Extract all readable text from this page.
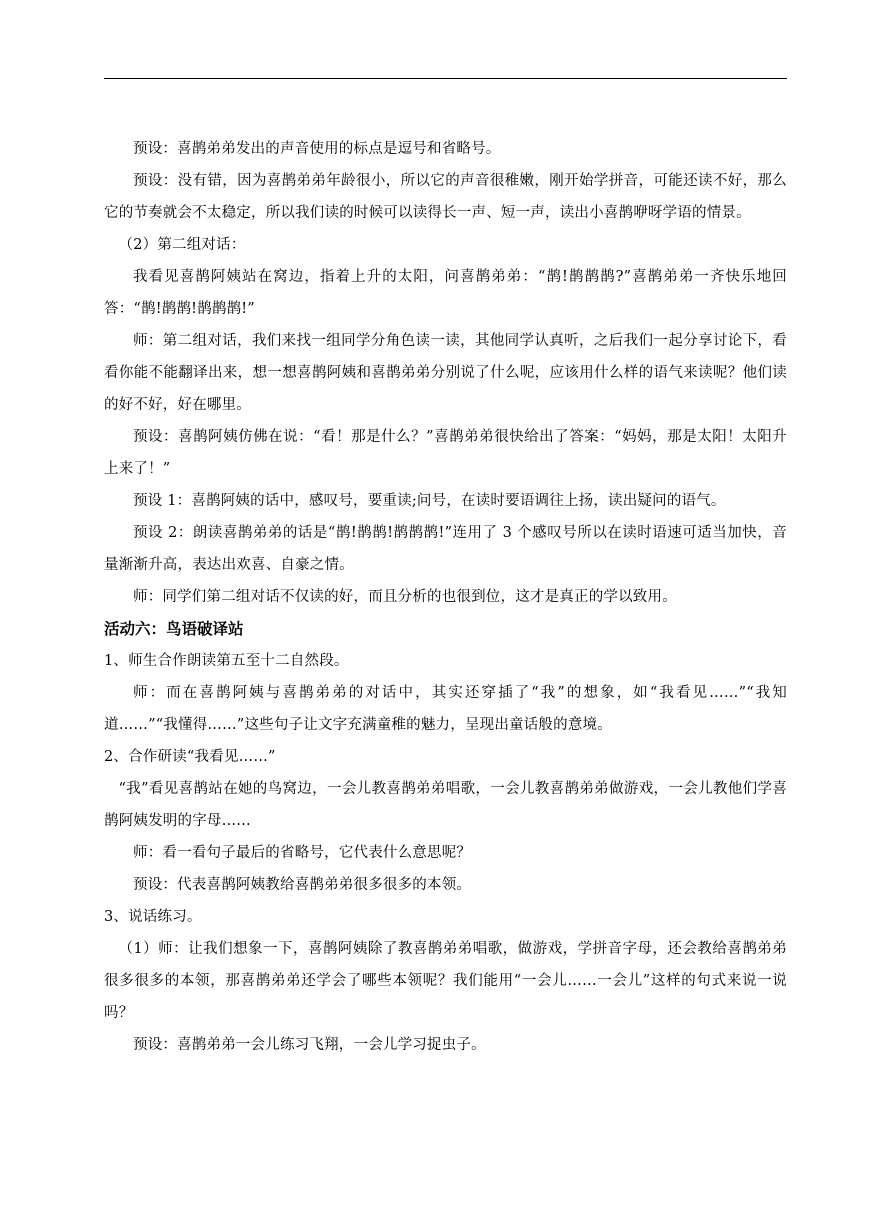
预设：喜鹊弟弟发出的声音使用的标点是逗号和省略号。

预设：没有错，因为喜鹊弟弟年龄很小，所以它的声音很稚嫩，刚开始学拼音，可能还读不好，那么它的节奏就会不太稳定，所以我们读的时候可以读得长一声、短一声，读出小喜鹊咿呀学语的情景。

（2）第二组对话：

我看见喜鹊阿姨站在窝边，指着上升的太阳，问喜鹊弟弟：“鹊!鹊鹊鹊?”喜鹊弟弟一齐快乐地回答：“鹊!鹊鹊!鹊鹊鹊!”

师：第二组对话，我们来找一组同学分角色读一读，其他同学认真听，之后我们一起分享讨论下，看看你能不能翻译出来，想一想喜鹊阿姨和喜鹊弟弟分别说了什么呢，应该用什么样的语气来读呢？他们读的好不好，好在哪里。

预设：喜鹊阿姨仿佛在说：“看！那是什么？”喜鹊弟弟很快给出了答案：“妈妈，那是太阳！太阳升上来了！”

预设 1：喜鹊阿姨的话中，感叹号，要重读;问号，在读时要语调往上扬，读出疑问的语气。

预设 2：朗读喜鹊弟弟的话是“鹊!鹊鹊!鹊鹊鹊!”连用了 3 个感叹号所以在读时语速可适当加快，音量渐渐升高，表达出欢喜、自豪之情。

师：同学们第二组对话不仅读的好，而且分析的也很到位，这才是真正的学以致用。

活动六：鸟语破译站

1、师生合作朗读第五至十二自然段。

师：而在喜鹊阿姨与喜鹊弟弟的对话中，其实还穿插了“我”的想象，如“我看见……”“我知道……”“我懂得……”这些句子让文字充满童稚的魅力，呈现出童话般的意境。

2、合作研读“我看见……”

“我”看见喜鹊站在她的鸟窝边，一会儿教喜鹊弟弟唱歌，一会儿教喜鹊弟弟做游戏，一会儿教他们学喜鹊阿姨发明的字母……

师：看一看句子最后的省略号，它代表什么意思呢？

预设：代表喜鹊阿姨教给喜鹊弟弟很多很多的本领。

3、说话练习。

（1）师：让我们想象一下，喜鹊阿姨除了教喜鹊弟弟唱歌，做游戏，学拼音字母，还会教给喜鹊弟弟很多很多的本领，那喜鹊弟弟还学会了哪些本领呢？我们能用“一会儿……一会儿”这样的句式来说一说吗？

预设：喜鹊弟弟一会儿练习飞翔，一会儿学习捉虫子。
